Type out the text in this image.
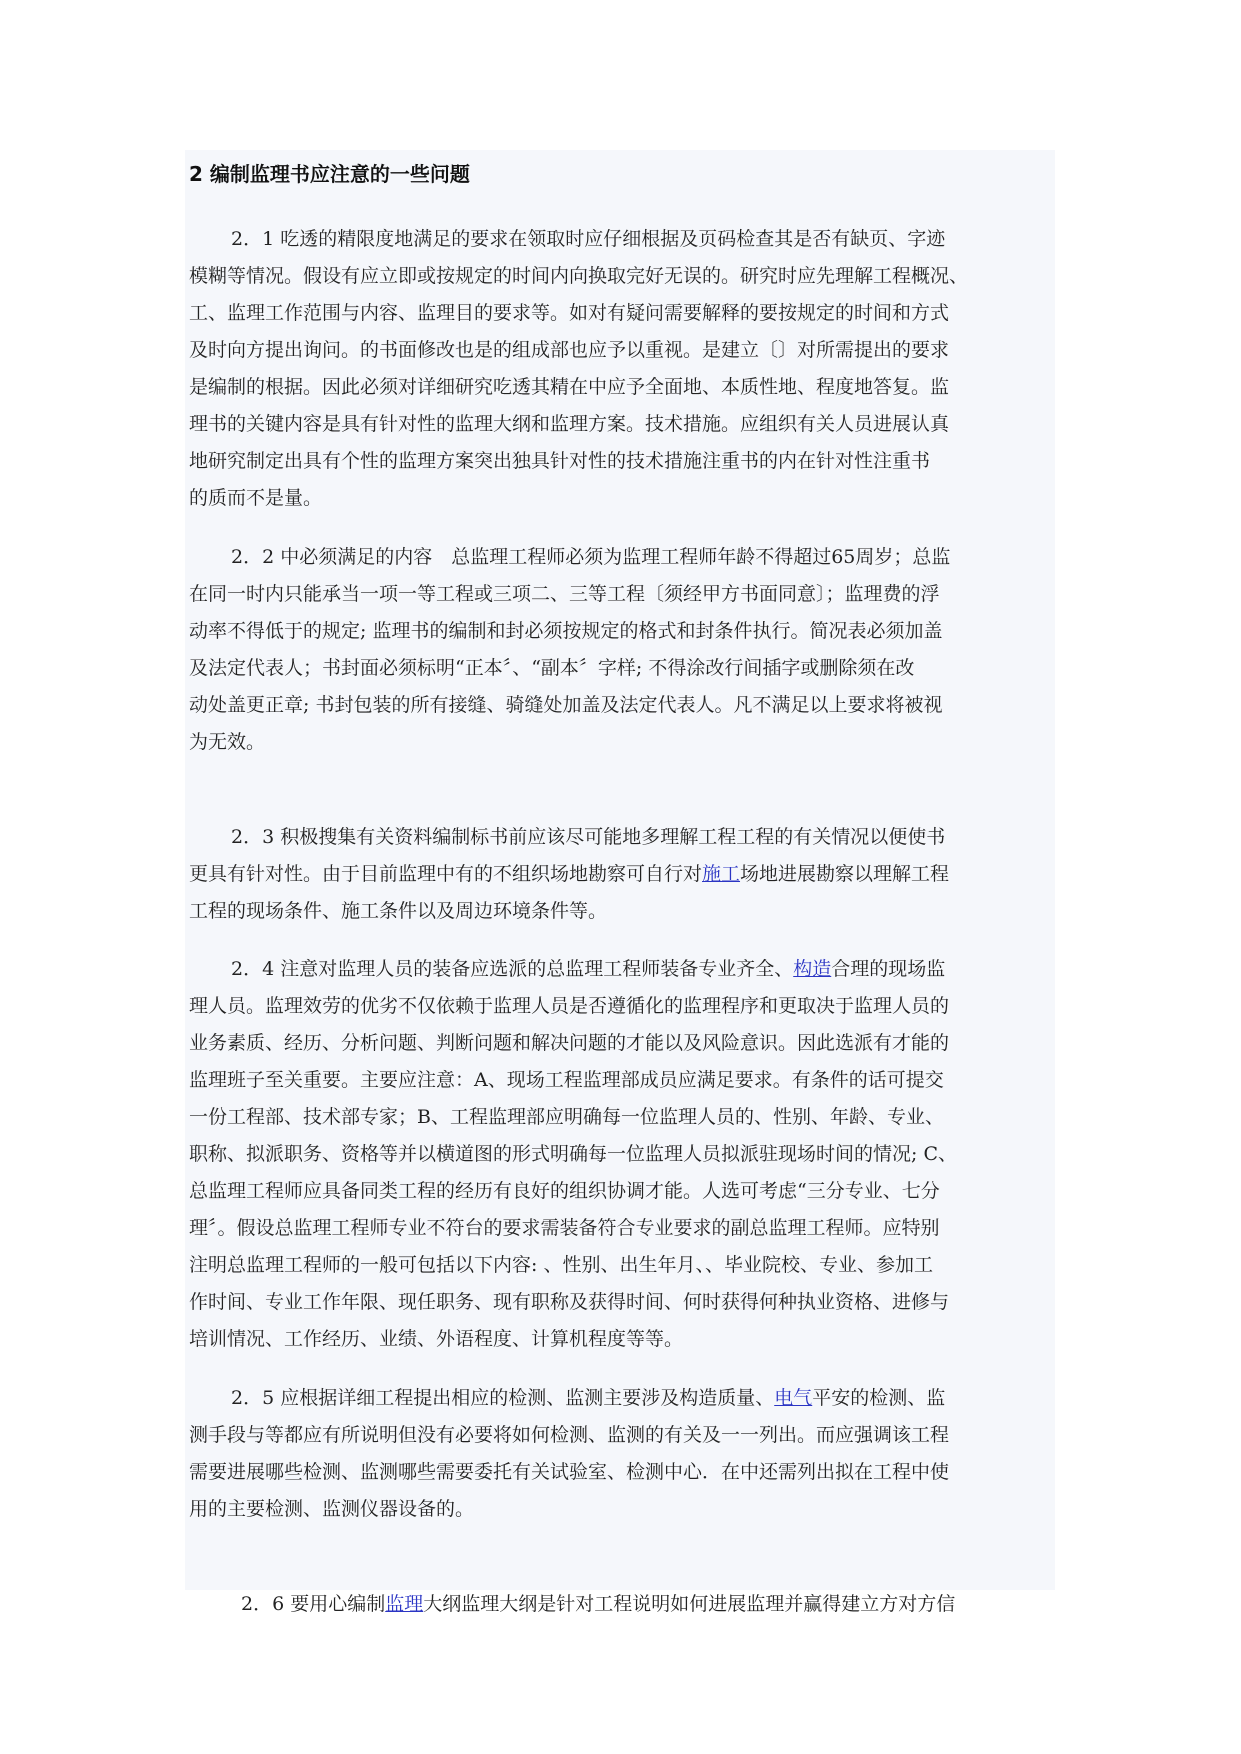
2 编制监理书应注意的一些问题
2．1 吃透的精限度地满足的要求在领取时应仔细根据及页码检查其是否有缺页、字迹
模糊等情况。假设有应立即或按规定的时间内向换取完好无误的。研究时应先理解工程概况、
工、监理工作范围与内容、监理目的要求等。如对有疑问需要解释的要按规定的时间和方式
及时向方提出询问。的书面修改也是的组成部也应予以重视。是建立〔〕对所需提出的要求
是编制的根据。因此必须对详细研究吃透其精在中应予全面地、本质性地、程度地答复。监
理书的关键内容是具有针对性的监理大纲和监理方案。技术措施。应组织有关人员进展认真
地研究制定出具有个性的监理方案突出独具针对性的技术措施注重书的内在针对性注重书
的质而不是量。
2．2 中必须满足的内容　总监理工程师必须为监理工程师年龄不得超过65周岁；总监
在同一时内只能承当一项一等工程或三项二、三等工程〔须经甲方书面同意〕；监理费的浮
动率不得低于的规定; 监理书的编制和封必须按规定的格式和封条件执行。简况表必须加盖
及法定代表人；书封面必须标明“正本〞、“副本〞字样; 不得涂改行间插字或删除须在改
动处盖更正章; 书封包装的所有接缝、骑缝处加盖及法定代表人。凡不满足以上要求将被视
为无效。
2．3 积极搜集有关资料编制标书前应该尽可能地多理解工程工程的有关情况以便使书
更具有针对性。由于目前监理中有的不组织场地勘察可自行对施工场地进展勘察以理解工程
工程的现场条件、施工条件以及周边环境条件等。
2．4 注意对监理人员的装备应选派的总监理工程师装备专业齐全、构造合理的现场监
理人员。监理效劳的优劣不仅依赖于监理人员是否遵循化的监理程序和更取决于监理人员的
业务素质、经历、分析问题、判断问题和解决问题的才能以及风险意识。因此选派有才能的
监理班子至关重要。主要应注意：A、现场工程监理部成员应满足要求。有条件的话可提交
一份工程部、技术部专家；B、工程监理部应明确每一位监理人员的、性别、年龄、专业、
职称、拟派职务、资格等并以横道图的形式明确每一位监理人员拟派驻现场时间的情况; C、
总监理工程师应具备同类工程的经历有良好的组织协调才能。人选可考虑“三分专业、七分
理〞。假设总监理工程师专业不符台的要求需装备符合专业要求的副总监理工程师。应特别
注明总监理工程师的一般可包括以下内容: 、性别、出生年月、、毕业院校、专业、参加工
作时间、专业工作年限、现任职务、现有职称及获得时间、何时获得何种执业资格、进修与
培训情况、工作经历、业绩、外语程度、计算机程度等等。
2．5 应根据详细工程提出相应的检测、监测主要涉及构造质量、电气平安的检测、监
测手段与等都应有所说明但没有必要将如何检测、监测的有关及一一列出。而应强调该工程
需要进展哪些检测、监测哪些需要委托有关试验室、检测中心．在中还需列出拟在工程中使
用的主要检测、监测仪器设备的。
2．6 要用心编制监理大纲监理大纲是针对工程说明如何进展监理并赢得建立方对方信
